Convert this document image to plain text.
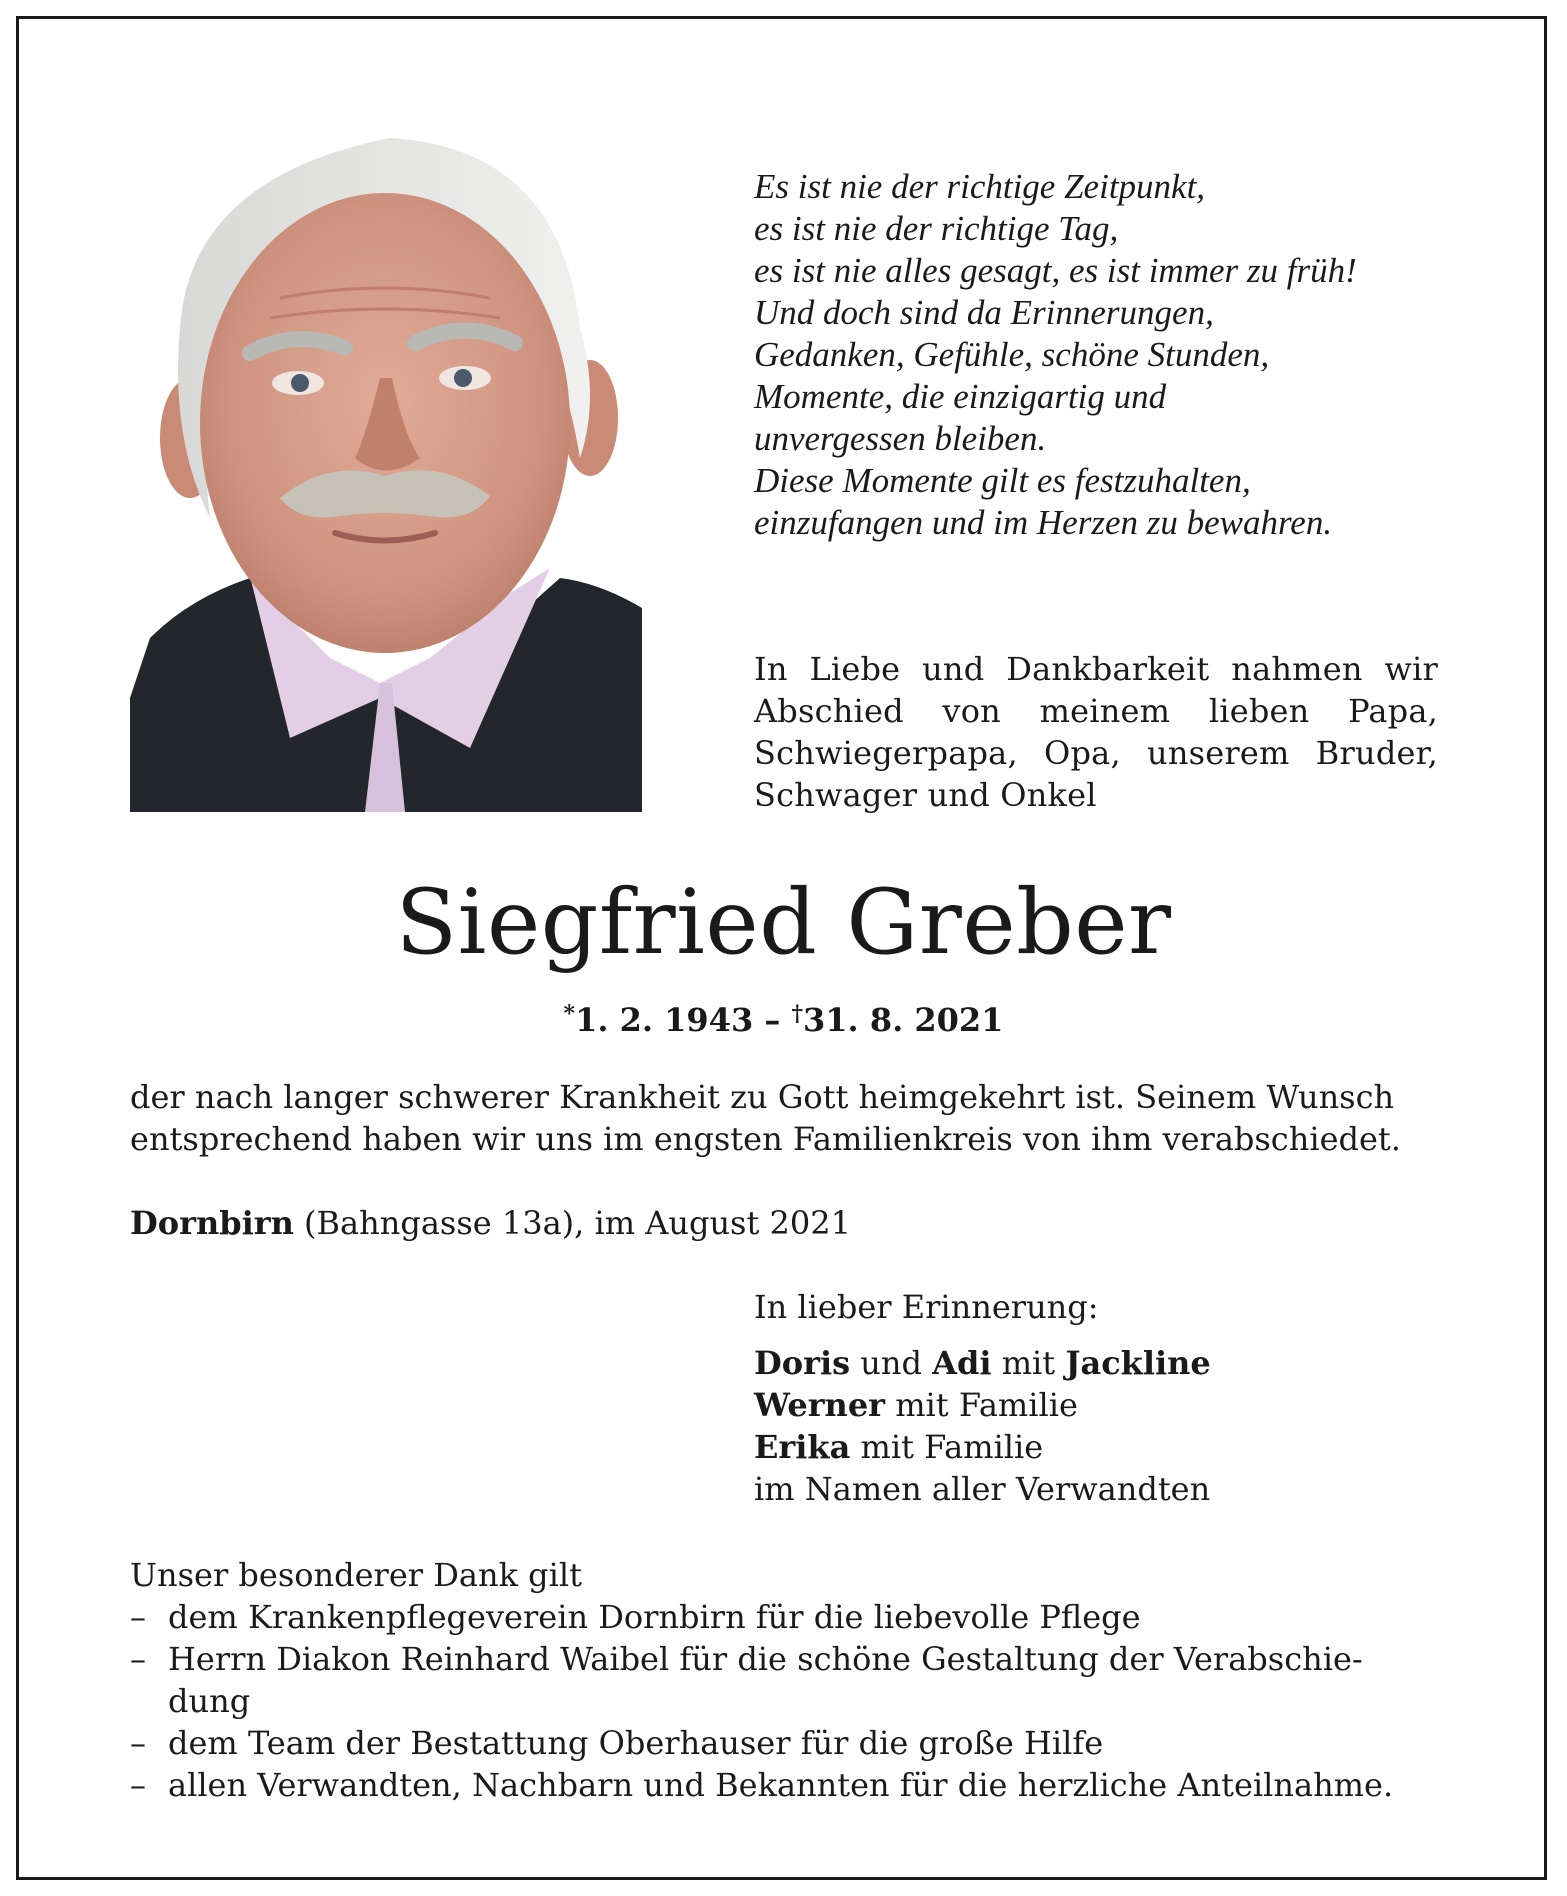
Es ist nie der richtige Zeitpunkt,
es ist nie der richtige Tag,
es ist nie alles gesagt, es ist immer zu früh!
Und doch sind da Erinnerungen,
Gedanken, Gefühle, schöne Stunden,
Momente, die einzigartig und
unvergessen bleiben.
Diese Momente gilt es festzuhalten,
einzufangen und im Herzen zu bewahren.
In Liebe und Dankbarkeit nahmen wir
Abschied von meinem lieben Papa,
Schwiegerpapa, Opa, unserem Bruder,
Schwager und Onkel
Siegfried Greber
*1. 2. 1943 – †31. 8. 2021
der nach langer schwerer Krankheit zu Gott heimgekehrt ist. Seinem Wunsch
entsprechend haben wir uns im engsten Familienkreis von ihm verabschiedet.
Dornbirn (Bahngasse 13a), im August 2021
In lieber Erinnerung:
Doris und Adi mit Jackline
Werner mit Familie
Erika mit Familie
im Namen aller Verwandten
Unser besonderer Dank gilt
– dem Krankenpflegeverein Dornbirn für die liebevolle Pflege
– Herrn Diakon Reinhard Waibel für die schöne Gestaltung der Verabschie-
dung
– dem Team der Bestattung Oberhauser für die große Hilfe
– allen Verwandten, Nachbarn und Bekannten für die herzliche Anteilnahme.
